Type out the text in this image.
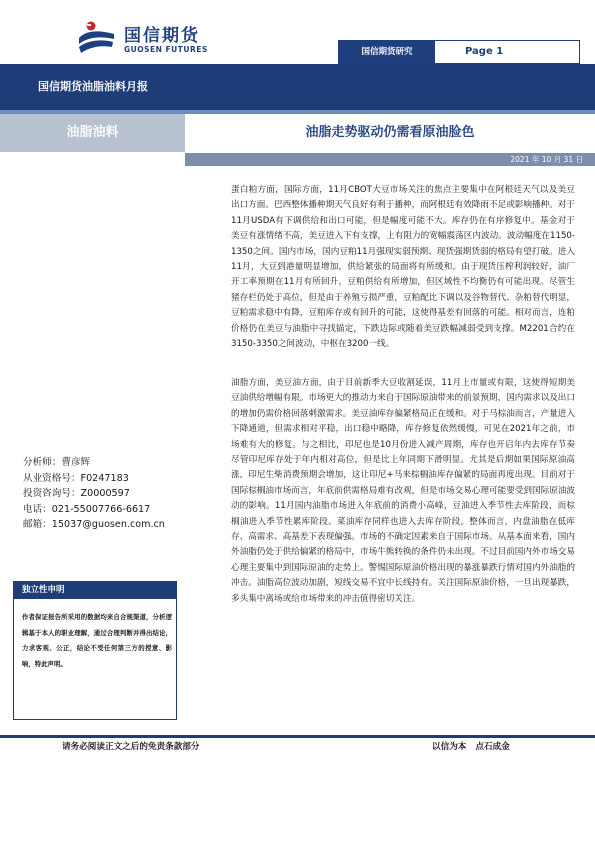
国信期货
GUOSEN FUTURES	国信期货研究	Page 1
国信期货油脂油料月报
油脂油料	油脂走势驱动仍需看原油脸色
2021 年 10 月 31 日

蛋白粕方面，国际方面，11月CBOT大豆市场关注的焦点主要集中在阿根廷天气以及美豆出口方面。巴西整体播种期天气良好有利于播种，而阿根廷有效降雨不足或影响播种。对于11月USDA有下调供给和出口可能，但是幅度可能不大。库存仍在有序修复中。基金对于美豆有涨情绪不高，美豆进入下有支撑，上有阻力的宽幅震荡区内波动。波动幅度在1150-1350之间。国内市场，国内豆粕11月强现实弱预期、现货强期货弱的格局有望打破。进入11月，大豆到港量明显增加，供给紧张的局面将有所缓和。由于现货压榨利润较好，油厂开工率预期在11月有所回升，豆粕供给有所增加，但区域性不均衡仍有可能出现。尽管生猪存栏仍处于高位，但是由于养殖亏损严重，豆粕配比下调以及谷物替代、杂粕替代明显，豆粕需求稳中有降，豆粕库存或有回升的可能，这使得基差有回落的可能。相对而言，连粕价格仍在美豆与油脂中寻找锚定，下跌边际或随着美豆跌幅减弱受到支撑。M2201合约在3150-3350之间波动，中枢在3200一线。

油脂方面，美豆油方面，由于目前新季大豆收割延误，11月上市量或有限，这使得短期美豆油供给增幅有限。市场更大的推动力来自于国际原油带来的前景预期，国内需求以及出口的增加仍需价格回落刺激需求。美豆油库存偏紧格局正在缓和。对于马棕油而言，产量进入下降通道，但需求相对平稳，出口稳中略降，库存修复依然缓慢，可见在2021年之前，市场难有大的修复。与之相比，印尼也是10月份进入减产周期，库存也开启年内去库存节奏尽管印尼库存处于年内相对高位，但是比上年同期下滑明显。尤其是后期如果国际原油高涨，印尼生柴消费预期会增加，这让印尼+马来棕榈油库存偏紧的局面再度出现。目前对于国际棕榈油市场而言，年底前供需格局难有改观，但是市场交易心理可能要受到国际原油波动的影响。11月国内油脂市场进入年底前的消费小高峰，豆油进入季节性去库阶段，而棕榈油进入季节性累库阶段。菜油库存同样也进入去库存阶段。整体而言，内盘油脂在低库存、高需求、高基差下表现偏强。市场的不确定因素来自于国际市场。从基本面来看，国内外油脂仍处于供给偏紧的格局中，市场牛熊转换的条件仍未出现。不过目前国内外市场交易心理主要集中到国际原油的走势上。警惕国际原油价格出现的暴涨暴跌行情对国内外油脂的冲击。油脂高位波动加剧，短线交易不宜中长线持有。关注国际原油价格，一旦出现暴跌，多头集中离场或给市场带来的冲击值得密切关注。

分析师：曹彦辉
从业资格号：F0247183
投资咨询号：Z0000597
电话：021-55007766-6617
邮箱：15037@guosen.com.cn
独立性申明

作者保证报告所采用的数据均来自合规渠道，分析逻辑基于本人的职业理解，通过合理判断并得出结论，力求客观、公正，结论不受任何第三方的授意、影响，特此声明。

请务必阅读正文之后的免责条款部分	以信为本 点石成金
